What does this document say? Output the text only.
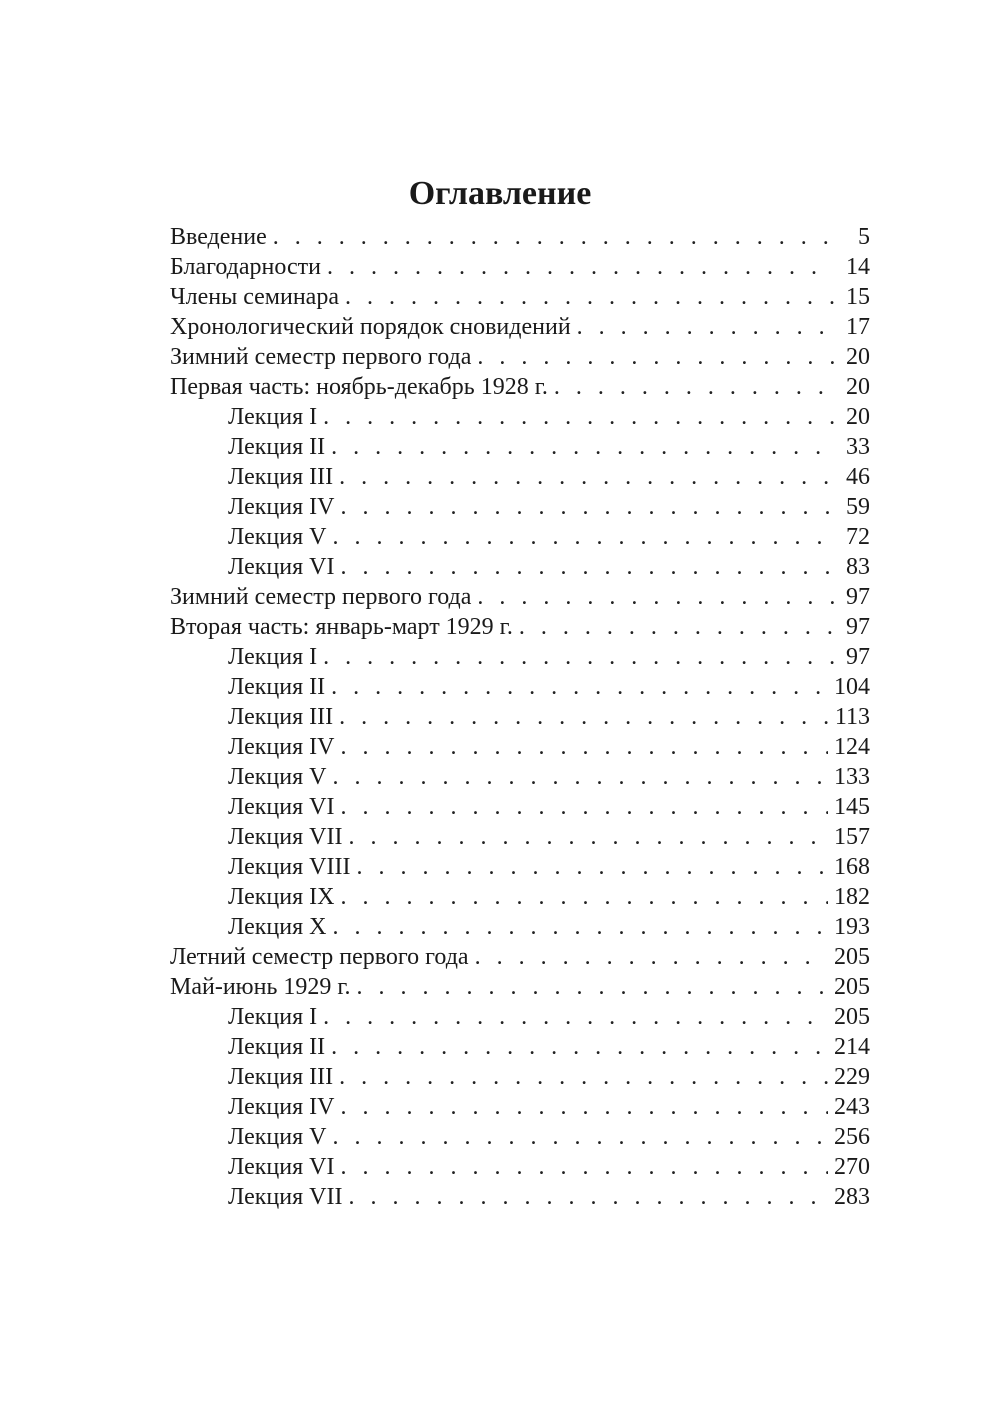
Оглавление
Введение . . .	5
Благодарности . . .	14
Члены семинара . . .	15
Хронологический порядок сновидений . . .	17
Зимний семестр первого года . . .	20
Первая часть: ноябрь-декабрь 1928 г. . . .	20
Лекция I . . .	20
Лекция II . . .	33
Лекция III . . .	46
Лекция IV . . .	59
Лекция V . . .	72
Лекция VI . . .	83
Зимний семестр первого года . . .	97
Вторая часть: январь-март 1929 г. . . .	97
Лекция I . . .	97
Лекция II . . .	104
Лекция III . . .	113
Лекция IV . . .	124
Лекция V . . .	133
Лекция VI . . .	145
Лекция VII . . .	157
Лекция VIII . . .	168
Лекция IX . . .	182
Лекция X . . .	193
Летний семестр первого года . . .	205
Май-июнь 1929 г. . . .	205
Лекция I . . .	205
Лекция II . . .	214
Лекция III . . .	229
Лекция IV . . .	243
Лекция V . . .	256
Лекция VI . . .	270
Лекция VII . . .	283
